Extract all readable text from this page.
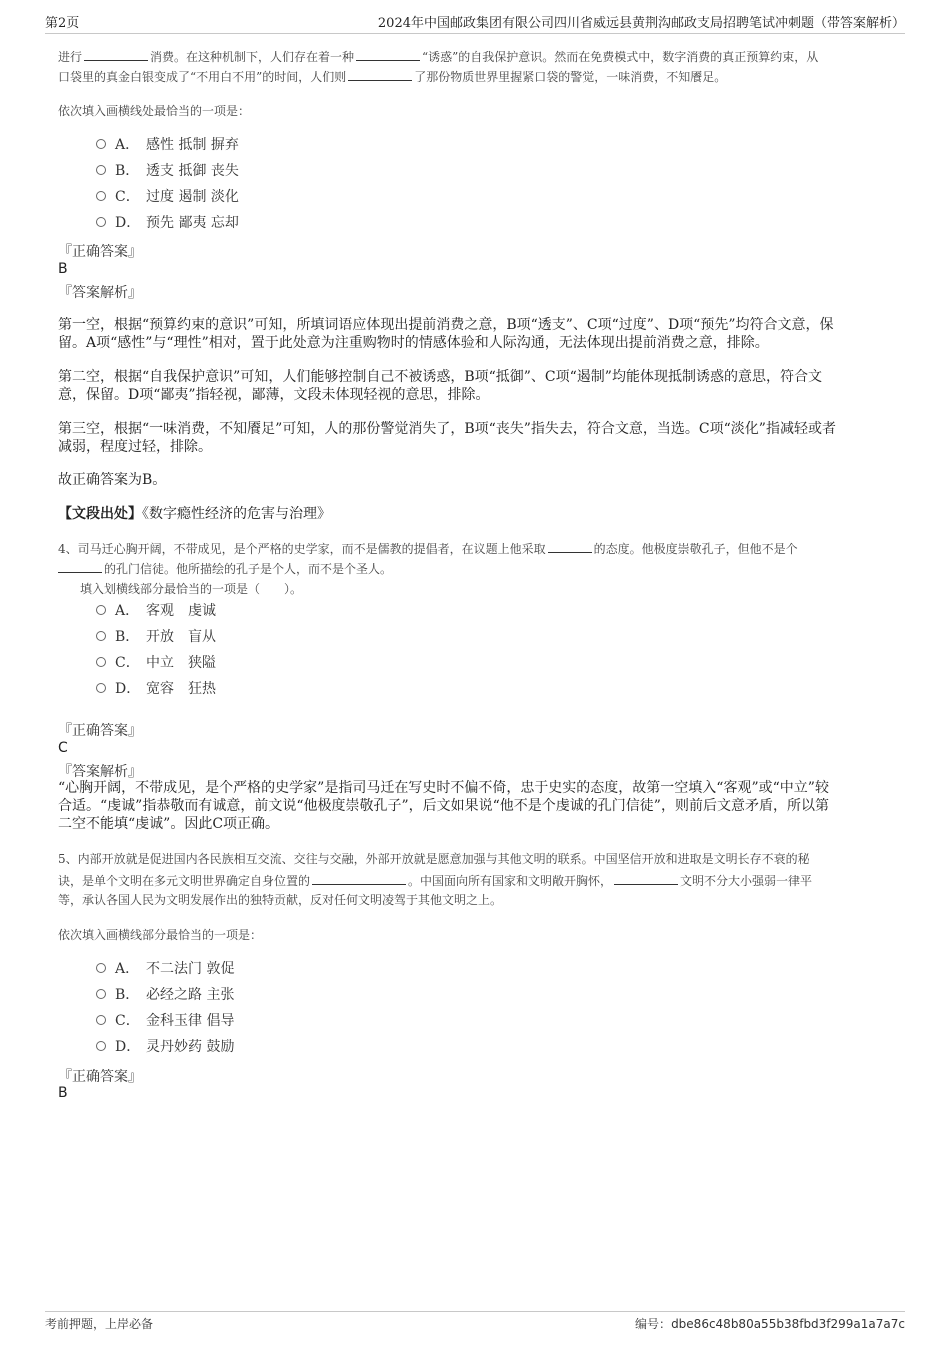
第2页	2024年中国邮政集团有限公司四川省威远县黄荆沟邮政支局招聘笔试冲刺题（带答案解析）
进行	消费。在这种机制下，人们存在着一种	“诱惑”的自我保护意识。然而在免费模式中，数字消费的真正预算约束，从
口袋里的真金白银变成了“不用白不用”的时间，人们则	了那份物质世界里握紧口袋的警觉，一味消费，不知餍足。
依次填入画横线处最恰当的一项是：
A． 感性 抵制 摒弃
B． 透支 抵御 丧失
C． 过度 遏制 淡化
D． 预先 鄙夷 忘却
『正确答案』
B
『答案解析』
第一空，根据“预算约束的意识”可知，所填词语应体现出提前消费之意，B项“透支”、C项“过度”、D项“预先”均符合文意，保
留。A项“感性”与“理性”相对，置于此处意为注重购物时的情感体验和人际沟通，无法体现出提前消费之意，排除。
第二空，根据“自我保护意识”可知，人们能够控制自己不被诱惑，B项“抵御”、C项“遏制”均能体现抵制诱惑的意思，符合文
意，保留。D项“鄙夷”指轻视，鄙薄，文段未体现轻视的意思，排除。
第三空，根据“一味消费，不知餍足”可知，人的那份警觉消失了，B项“丧失”指失去，符合文意，当选。C项“淡化”指减轻或者
减弱，程度过轻，排除。
故正确答案为B。
【文段出处】《数字瘾性经济的危害与治理》
4、司马迁心胸开阔，不带成见，是个严格的史学家，而不是儒教的提倡者，在议题上他采取	的态度。他极度崇敬孔子，但他不是个
的孔门信徒。他所描绘的孔子是个人，而不是个圣人。
填入划横线部分最恰当的一项是（　　）。
A． 客观　虔诚
B． 开放　盲从
C． 中立　狭隘
D． 宽容　狂热
『正确答案』
C
『答案解析』
“心胸开阔，不带成见，是个严格的史学家”是指司马迁在写史时不偏不倚，忠于史实的态度，故第一空填入“客观”或“中立”较
合适。“虔诚”指恭敬而有诚意，前文说“他极度崇敬孔子”，后文如果说“他不是个虔诚的孔门信徒”，则前后文意矛盾，所以第
二空不能填“虔诚”。因此C项正确。
5、内部开放就是促进国内各民族相互交流、交往与交融，外部开放就是愿意加强与其他文明的联系。中国坚信开放和进取是文明长存不衰的秘
诀，是单个文明在多元文明世界确定自身位置的	。中国面向所有国家和文明敞开胸怀，	文明不分大小强弱一律平
等，承认各国人民为文明发展作出的独特贡献，反对任何文明凌驾于其他文明之上。
依次填入画横线部分最恰当的一项是：
A． 不二法门 敦促
B． 必经之路 主张
C． 金科玉律 倡导
D． 灵丹妙药 鼓励
『正确答案』
B
考前押题，上岸必备	编号：dbe86c48b80a55b38fbd3f299a1a7a7c
